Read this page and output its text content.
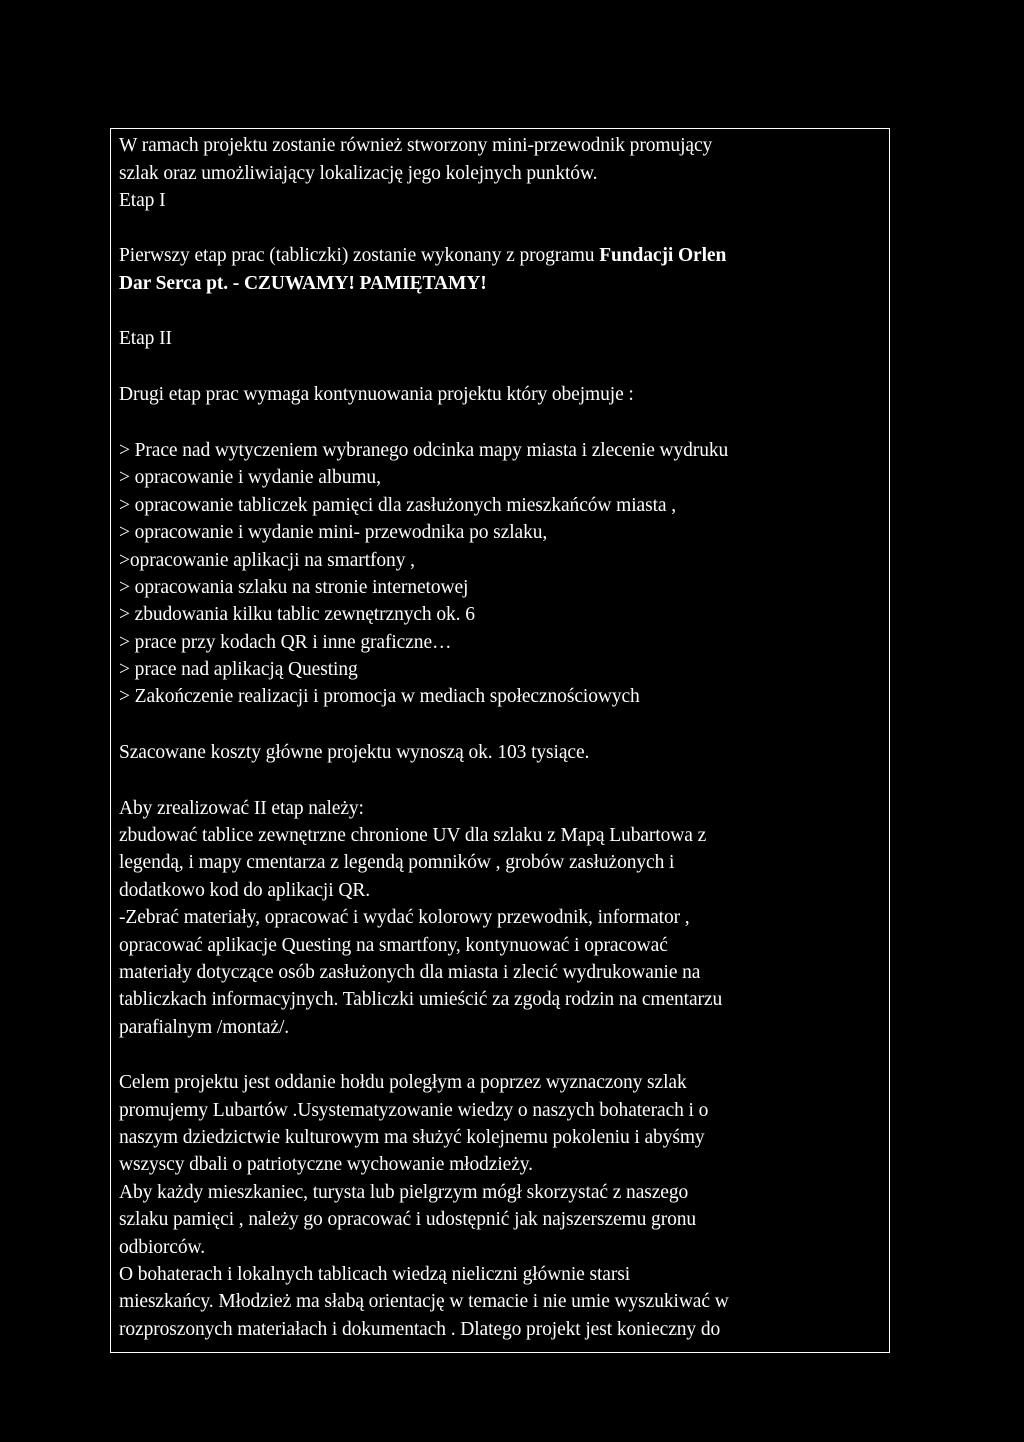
W ramach projektu zostanie również stworzony mini-przewodnik promujący
szlak oraz umożliwiający lokalizację jego kolejnych punktów.
Etap I
Pierwszy etap prac (tabliczki) zostanie wykonany z programu Fundacji Orlen
Dar Serca pt. - CZUWAMY! PAMIĘTAMY!
Etap II
Drugi etap prac wymaga kontynuowania projektu który obejmuje :
> Prace nad wytyczeniem wybranego odcinka mapy miasta i zlecenie wydruku
> opracowanie i wydanie albumu,
> opracowanie tabliczek pamięci dla zasłużonych mieszkańców miasta ,
> opracowanie i wydanie mini- przewodnika po szlaku,
>opracowanie aplikacji na smartfony ,
> opracowania szlaku na stronie internetowej
> zbudowania kilku tablic zewnętrznych ok. 6
> prace przy kodach QR i inne graficzne…
> prace nad aplikacją Questing
> Zakończenie realizacji i promocja w mediach społecznościowych
Szacowane koszty główne projektu wynoszą ok. 103 tysiące.
Aby zrealizować II etap należy:
zbudować tablice zewnętrzne chronione UV dla szlaku z Mapą Lubartowa z
legendą, i mapy cmentarza z legendą pomników , grobów zasłużonych i
dodatkowo kod do aplikacji QR.
-Zebrać materiały, opracować i wydać kolorowy przewodnik, informator ,
opracować aplikacje Questing na smartfony, kontynuować i opracować
materiały dotyczące osób zasłużonych dla miasta i zlecić wydrukowanie na
tabliczkach informacyjnych. Tabliczki umieścić za zgodą rodzin na cmentarzu
parafialnym /montaż/.
Celem projektu jest oddanie hołdu poległym a poprzez wyznaczony szlak
promujemy Lubartów .Usystematyzowanie wiedzy o naszych bohaterach i o
naszym dziedzictwie kulturowym ma służyć kolejnemu pokoleniu i abyśmy
wszyscy dbali o patriotyczne wychowanie młodzieży.
Aby każdy mieszkaniec, turysta lub pielgrzym mógł skorzystać z naszego
szlaku pamięci , należy go opracować i udostępnić jak najszerszemu gronu
odbiorców.
O bohaterach i lokalnych tablicach wiedzą nieliczni głównie starsi
mieszkańcy. Młodzież ma słabą orientację w temacie i nie umie wyszukiwać w
rozproszonych materiałach i dokumentach . Dlatego projekt jest konieczny do
